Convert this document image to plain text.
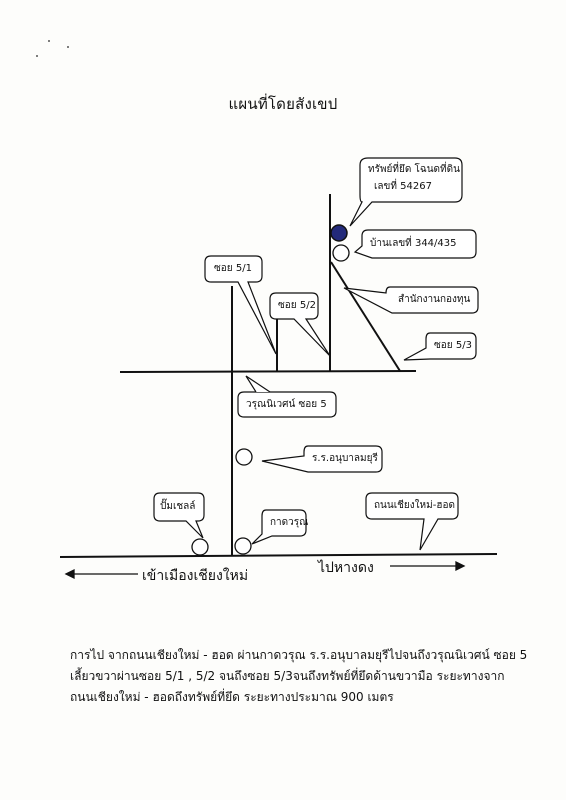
แผนที่โดยสังเขป
ทรัพย์ที่ยึด โฉนดที่ดิน
เลขที่ 54267
บ้านเลขที่ 344/435
สำนักงานกองทุน
ซอย 5/1
ซอย 5/2
ซอย 5/3
วรุณนิเวศน์ ซอย 5
ร.ร.อนุบาลมยุรี
ถนนเชียงใหม่-ฮอด
ปั๊มเชลล์
กาดวรุณ
เข้าเมืองเชียงใหม่	ไปหางดง
การไป จากถนนเชียงใหม่ - ฮอด ผ่านกาดวรุณ ร.ร.อนุบาลมยุรีไปจนถึงวรุณนิเวศน์ ซอย 5
เลี้ยวขวาผ่านซอย 5/1 , 5/2 จนถึงซอย 5/3จนถึงทรัพย์ที่ยึดด้านขวามือ ระยะทางจาก
ถนนเชียงใหม่ - ฮอดถึงทรัพย์ที่ยึด ระยะทางประมาณ 900 เมตร
